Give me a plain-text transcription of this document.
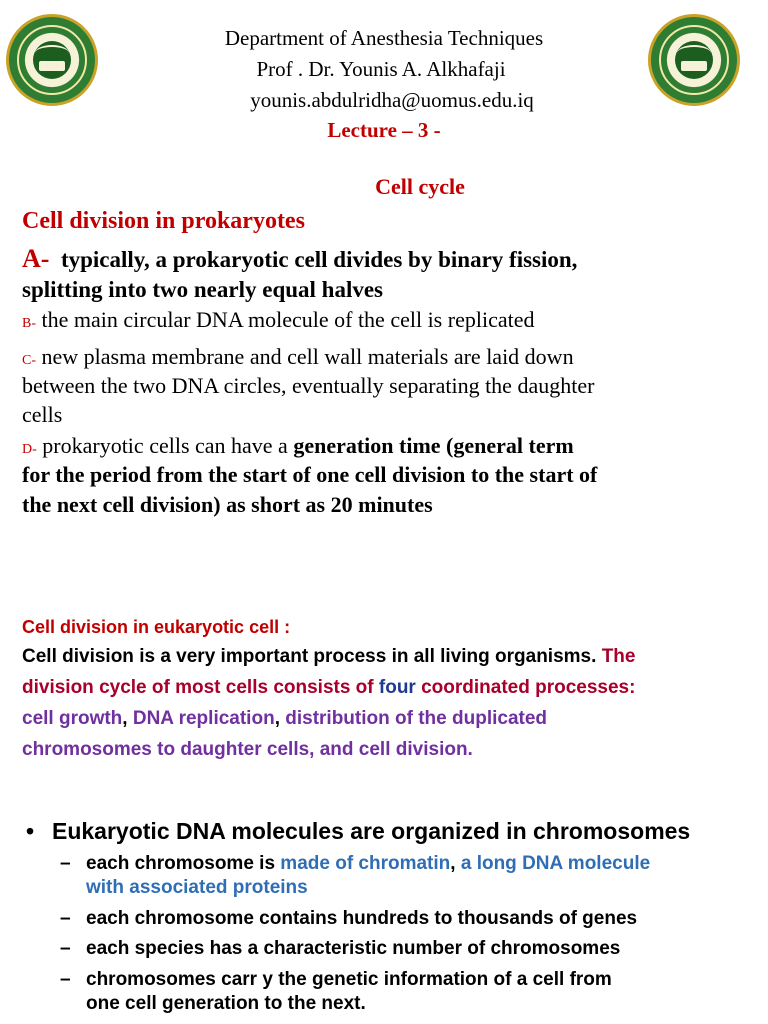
Department of Anesthesia Techniques
Prof . Dr. Younis A. Alkhafaji
younis.abdulridha@uomus.edu.iq
Lecture – 3 -
Cell cycle
Cell division in prokaryotes
A- typically, a prokaryotic cell divides by binary fission,
splitting into two nearly equal halves
B- the main circular DNA molecule of the cell is replicated
C- new plasma membrane and cell wall materials are laid down
between the two DNA circles, eventually separating the daughter
cells
D- prokaryotic cells can have a generation time (general term
for the period from the start of one cell division to the start of
the next cell division) as short as 20 minutes
Cell division in eukaryotic cell :
Cell division is a very important process in all living organisms. The
division cycle of most cells consists of four coordinated processes:
cell growth, DNA replication, distribution of the duplicated
chromosomes to daughter cells, and cell division.
• Eukaryotic DNA molecules are organized in chromosomes
– each chromosome is made of chromatin, a long DNA molecule
with associated proteins
– each chromosome contains hundreds to thousands of genes
– each species has a characteristic number of chromosomes
– chromosomes carr y the genetic information of a cell from
one cell generation to the next.
